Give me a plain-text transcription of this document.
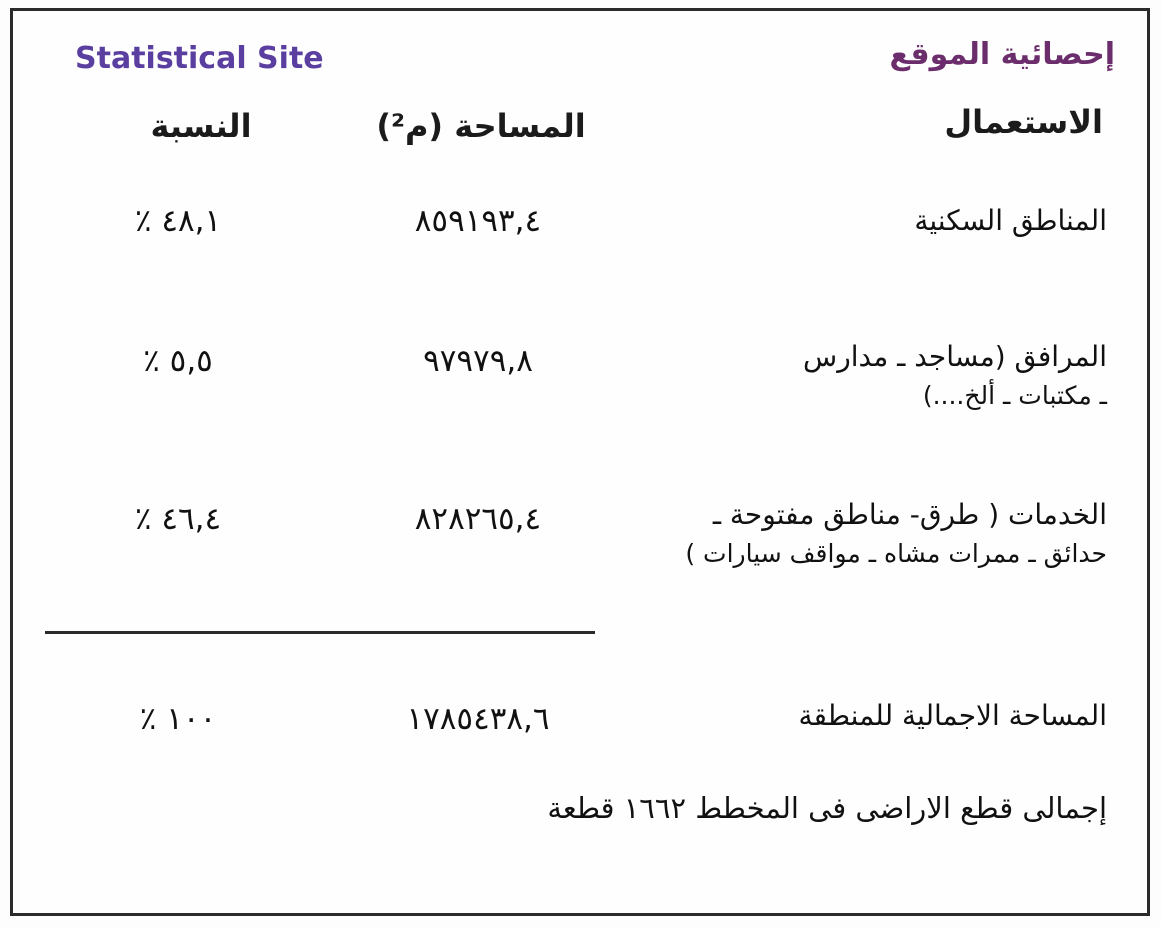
Statistical Site	إحصائية الموقع
النسبة	المساحة (م²)	الاستعمال
٤٨,١ ٪	٨٥٩١٩٣,٤	المناطق السكنية
٥,٥ ٪	٩٧٩٧٩,٨	المرافق (مساجد ـ مدارس
ـ مكتبات ـ ألخ....)
٤٦,٤ ٪	٨٢٨٢٦٥,٤	الخدمات ( طرق- مناطق مفتوحة ـ
حدائق ـ ممرات مشاه ـ مواقف سيارات )
١٠٠ ٪	١٧٨٥٤٣٨,٦	المساحة الاجمالية للمنطقة
إجمالى قطع الاراضى فى المخطط ١٦٦٢ قطعة
